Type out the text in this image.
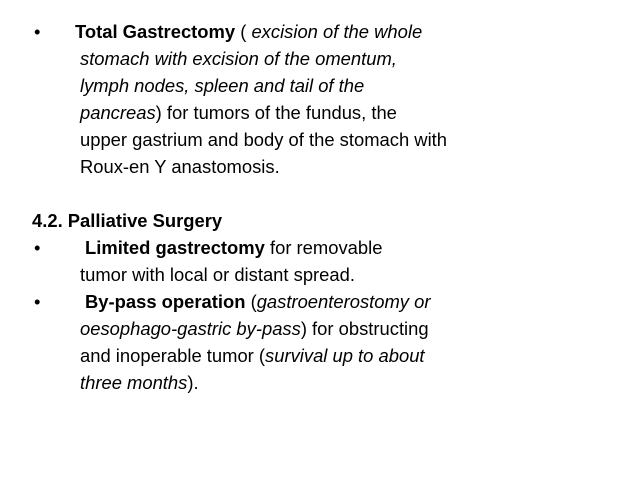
• Total Gastrectomy ( excision of the whole
stomach with excision of the omentum,
lymph nodes, spleen and tail of the
pancreas) for tumors of the fundus, the
upper gastrium and body of the stomach with
Roux-en Y anastomosis.
4.2. Palliative Surgery
• Limited gastrectomy for removable
tumor with local or distant spread.
• By-pass operation (gastroenterostomy or
oesophago-gastric by-pass) for obstructing
and inoperable tumor (survival up to about
three months).
